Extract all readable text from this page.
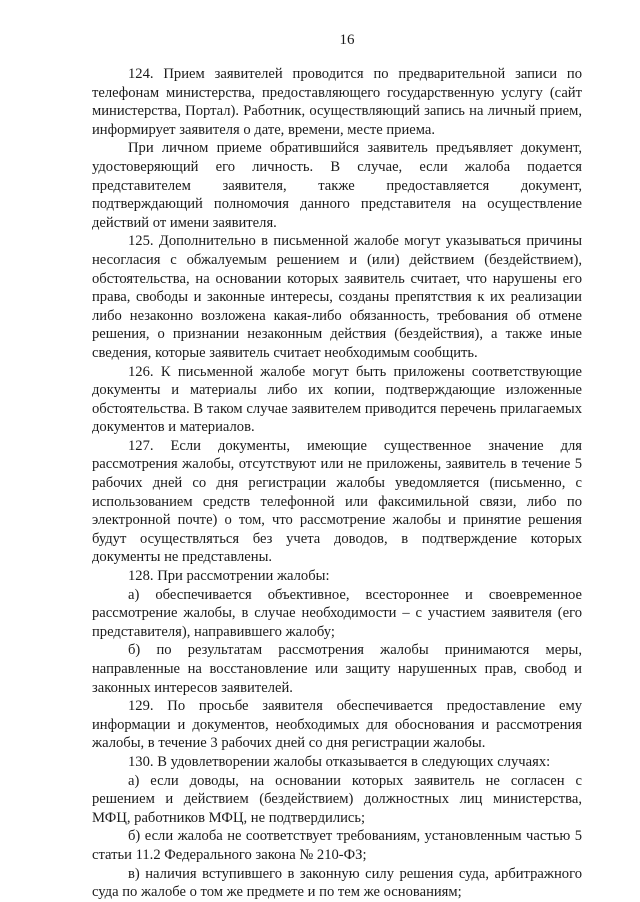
16

124. Прием заявителей проводится по предварительной записи по телефонам министерства, предоставляющего государственную услугу (сайт министерства, Портал). Работник, осуществляющий запись на личный прием, информирует заявителя о дате, времени, месте приема.

При личном приеме обратившийся заявитель предъявляет документ, удостоверяющий его личность. В случае, если жалоба подается представителем заявителя, также предоставляется документ, подтверждающий полномочия данного представителя на осуществление действий от имени заявителя.

125. Дополнительно в письменной жалобе могут указываться причины несогласия с обжалуемым решением и (или) действием (бездействием), обстоятельства, на основании которых заявитель считает, что нарушены его права, свободы и законные интересы, созданы препятствия к их реализации либо незаконно возложена какая-либо обязанность, требования об отмене решения, о признании незаконным действия (бездействия), а также иные сведения, которые заявитель считает необходимым сообщить.

126. К письменной жалобе могут быть приложены соответствующие документы и материалы либо их копии, подтверждающие изложенные обстоятельства. В таком случае заявителем приводится перечень прилагаемых документов и материалов.

127. Если документы, имеющие существенное значение для рассмотрения жалобы, отсутствуют или не приложены, заявитель в течение 5 рабочих дней со дня регистрации жалобы уведомляется (письменно, с использованием средств телефонной или факсимильной связи, либо по электронной почте) о том, что рассмотрение жалобы и принятие решения будут осуществляться без учета доводов, в подтверждение которых документы не представлены.

128. При рассмотрении жалобы:

а) обеспечивается объективное, всестороннее и своевременное рассмотрение жалобы, в случае необходимости – с участием заявителя (его представителя), направившего жалобу;

б) по результатам рассмотрения жалобы принимаются меры, направленные на восстановление или защиту нарушенных прав, свобод и законных интересов заявителей.

129. По просьбе заявителя обеспечивается предоставление ему информации и документов, необходимых для обоснования и рассмотрения жалобы, в течение 3 рабочих дней со дня регистрации жалобы.

130. В удовлетворении жалобы отказывается в следующих случаях:

а) если доводы, на основании которых заявитель не согласен с решением и действием (бездействием) должностных лиц министерства, МФЦ, работников МФЦ, не подтвердились;

б) если жалоба не соответствует требованиям, установленным частью 5 статьи 11.2 Федерального закона № 210-ФЗ;

в) наличия вступившего в законную силу решения суда, арбитражного суда по жалобе о том же предмете и по тем же основаниям;
